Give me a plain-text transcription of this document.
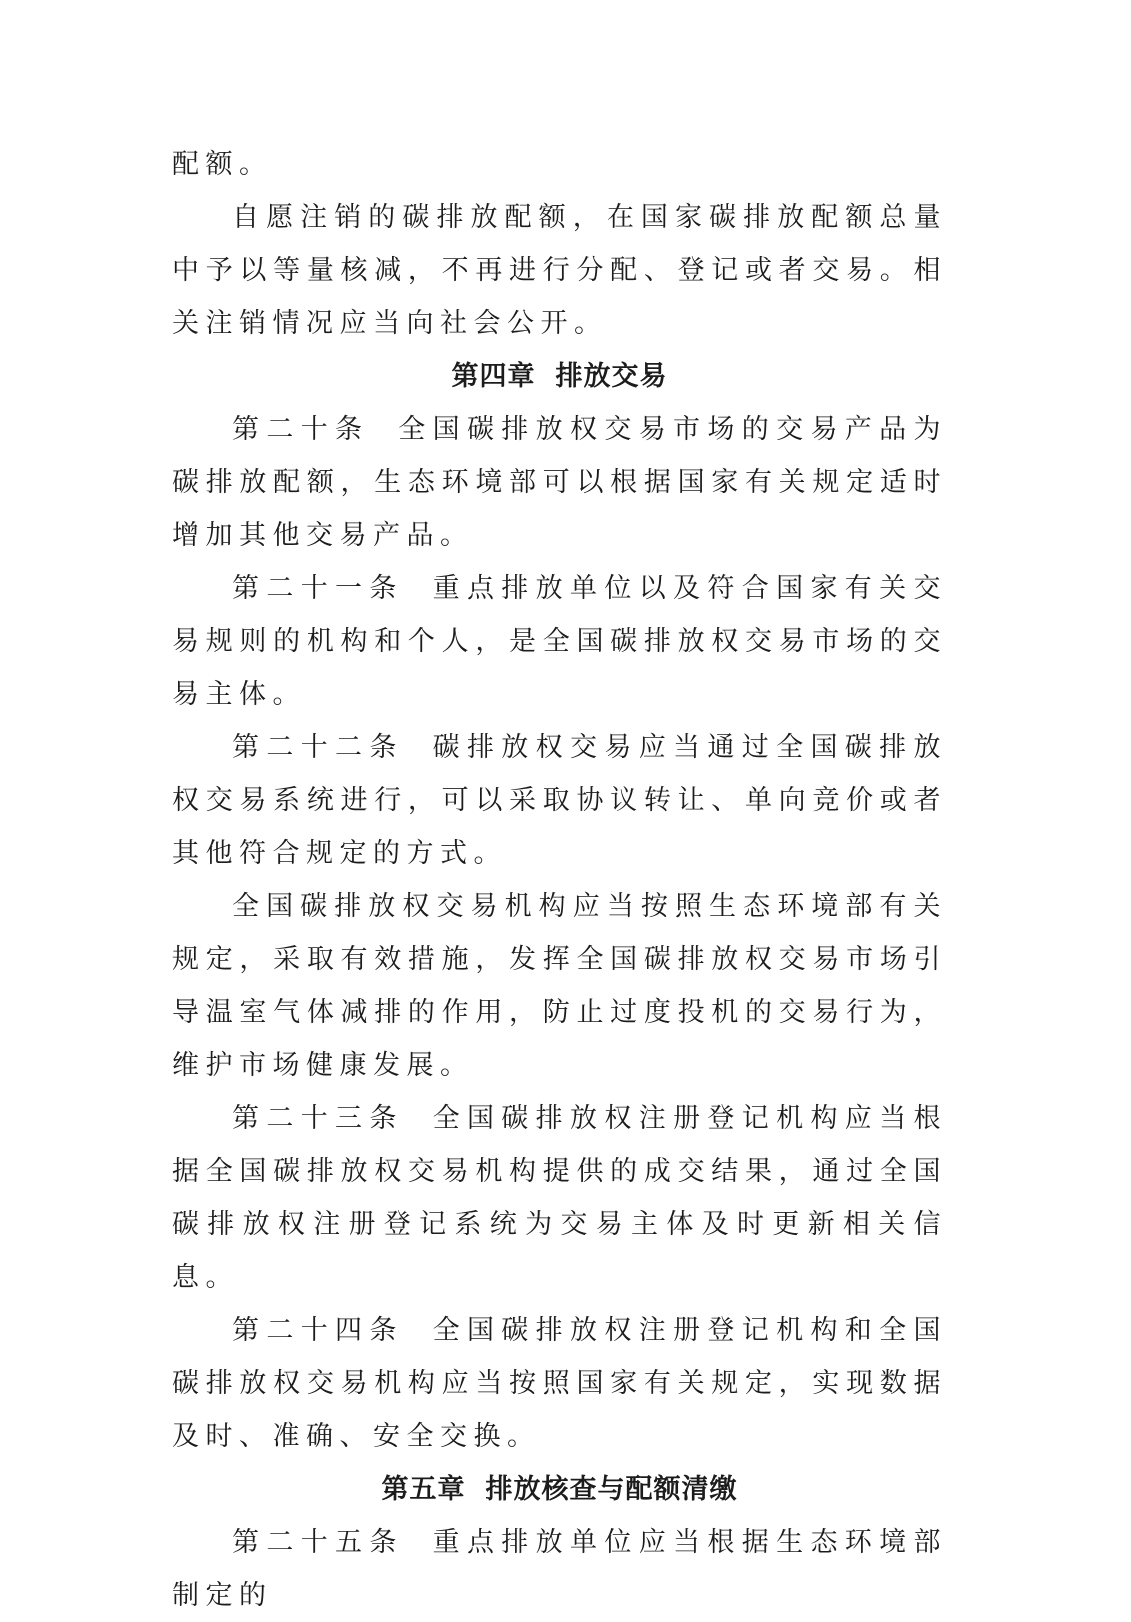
配额。

自愿注销的碳排放配额，在国家碳排放配额总量中予以等量核减，不再进行分配、登记或者交易。相关注销情况应当向社会公开。

第四章 排放交易

第二十条 全国碳排放权交易市场的交易产品为碳排放配额，生态环境部可以根据国家有关规定适时增加其他交易产品。

第二十一条 重点排放单位以及符合国家有关交易规则的机构和个人，是全国碳排放权交易市场的交易主体。

第二十二条 碳排放权交易应当通过全国碳排放权交易系统进行，可以采取协议转让、单向竞价或者其他符合规定的方式。

全国碳排放权交易机构应当按照生态环境部有关规定，采取有效措施，发挥全国碳排放权交易市场引导温室气体减排的作用，防止过度投机的交易行为，维护市场健康发展。

第二十三条 全国碳排放权注册登记机构应当根据全国碳排放权交易机构提供的成交结果，通过全国碳排放权注册登记系统为交易主体及时更新相关信息。

第二十四条 全国碳排放权注册登记机构和全国碳排放权交易机构应当按照国家有关规定，实现数据及时、准确、安全交换。

第五章 排放核查与配额清缴

第二十五条 重点排放单位应当根据生态环境部制定的
